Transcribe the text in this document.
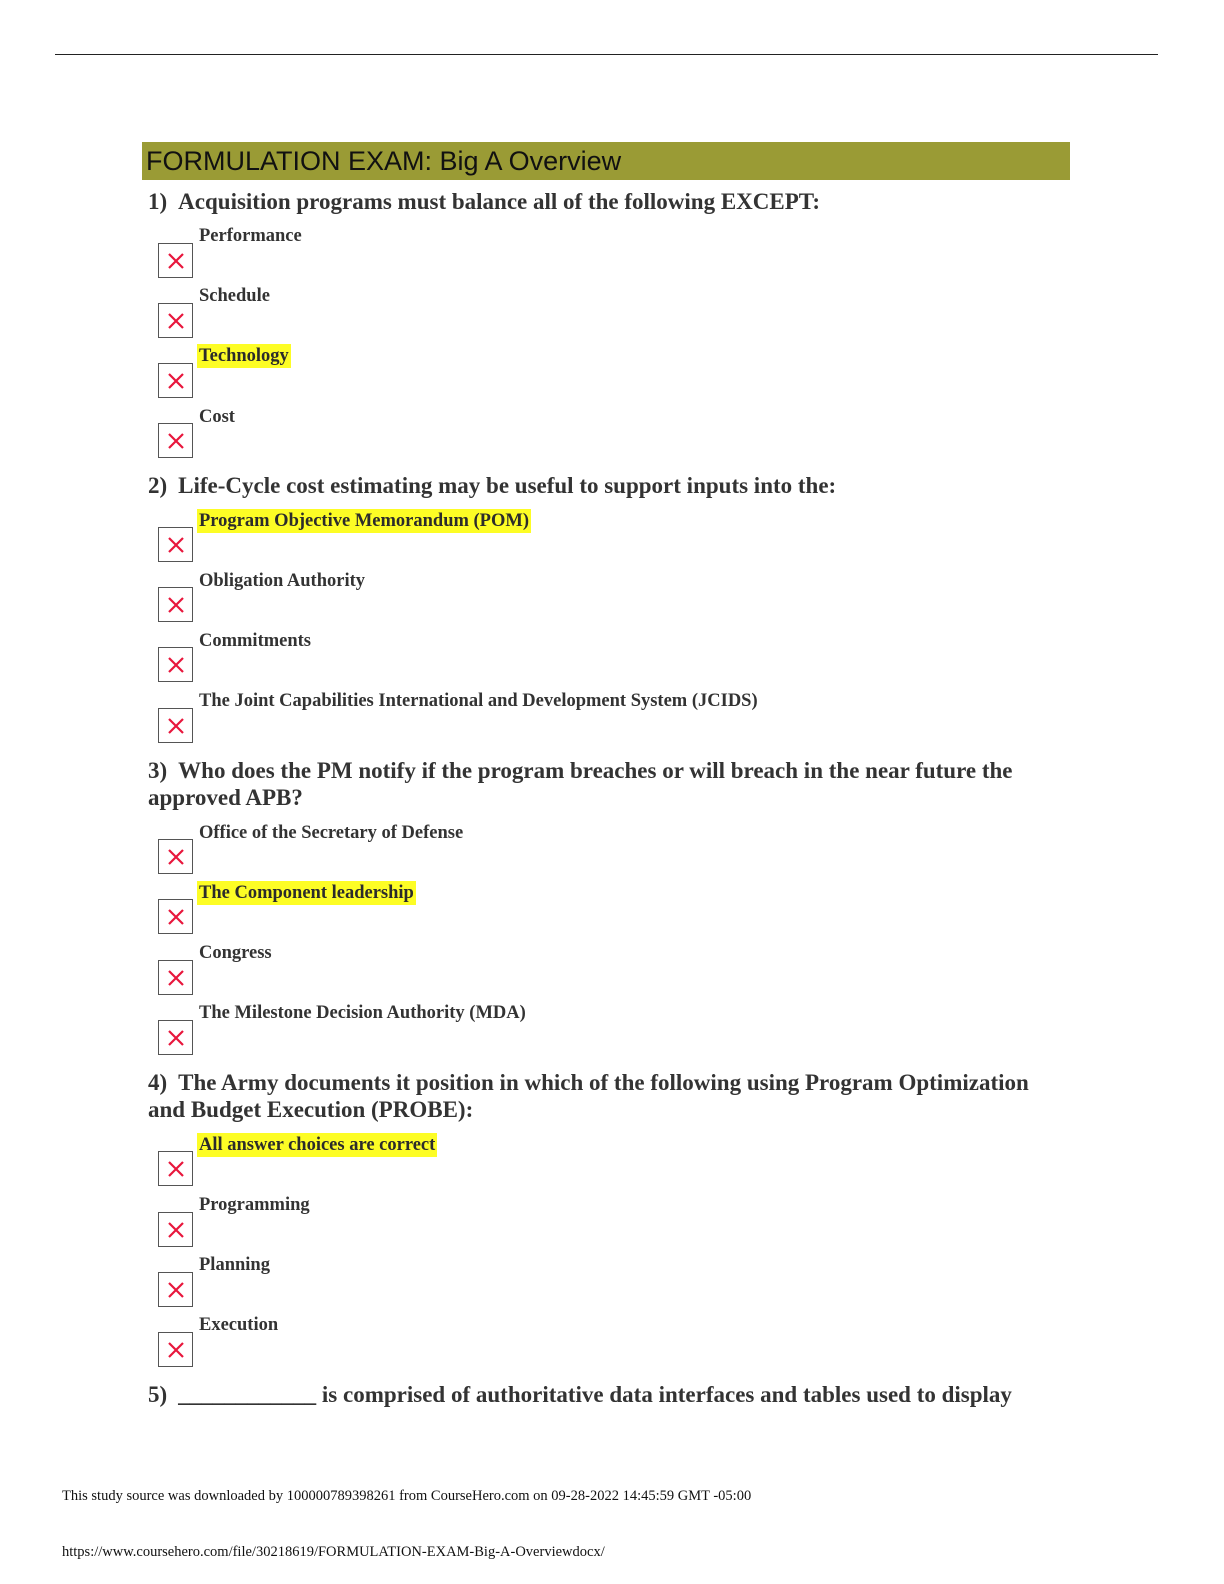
FORMULATION EXAM: Big A Overview
1) Acquisition programs must balance all of the following EXCEPT:
Performance
Schedule
Technology
Cost
2) Life-Cycle cost estimating may be useful to support inputs into the:
Program Objective Memorandum (POM)
Obligation Authority
Commitments
The Joint Capabilities International and Development System (JCIDS)
3) Who does the PM notify if the program breaches or will breach in the near future the approved APB?
Office of the Secretary of Defense
The Component leadership
Congress
The Milestone Decision Authority (MDA)
4) The Army documents it position in which of the following using Program Optimization and Budget Execution (PROBE):
All answer choices are correct
Programming
Planning
Execution
5) ____________ is comprised of authoritative data interfaces and tables used to display
This study source was downloaded by 100000789398261 from CourseHero.com on 09-28-2022 14:45:59 GMT -05:00
https://www.coursehero.com/file/30218619/FORMULATION-EXAM-Big-A-Overviewdocx/
